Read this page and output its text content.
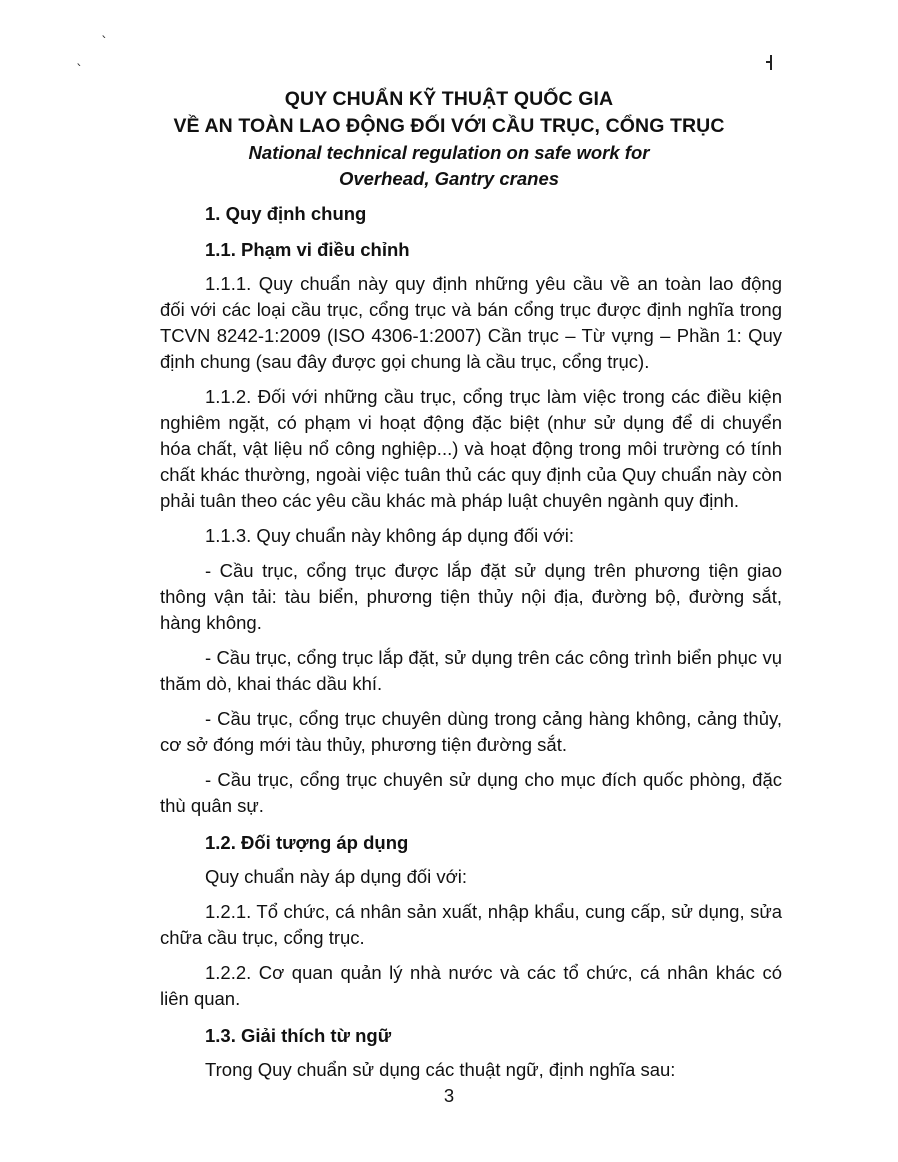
ˋ
ˋ
QUY CHUẨN KỸ THUẬT QUỐC GIA
VỀ AN TOÀN LAO ĐỘNG ĐỐI VỚI CẦU TRỤC, CỔNG TRỤC
National technical regulation on safe work for
Overhead, Gantry cranes
1. Quy định chung
1.1. Phạm vi điều chỉnh

1.1.1. Quy chuẩn này quy định những yêu cầu về an toàn lao động đối với các loại cầu trục, cổng trục và bán cổng trục được định nghĩa trong TCVN 8242-1:2009 (ISO 4306-1:2007) Cần trục – Từ vựng – Phần 1: Quy định chung (sau đây được gọi chung là cầu trục, cổng trục).

1.1.2. Đối với những cầu trục, cổng trục làm việc trong các điều kiện nghiêm ngặt, có phạm vi hoạt động đặc biệt (như sử dụng để di chuyển hóa chất, vật liệu nổ công nghiệp...) và hoạt động trong môi trường có tính chất khác thường, ngoài việc tuân thủ các quy định của Quy chuẩn này còn phải tuân theo các yêu cầu khác mà pháp luật chuyên ngành quy định.

1.1.3. Quy chuẩn này không áp dụng đối với:

- Cầu trục, cổng trục được lắp đặt sử dụng trên phương tiện giao thông vận tải: tàu biển, phương tiện thủy nội địa, đường bộ, đường sắt, hàng không.

- Cầu trục, cổng trục lắp đặt, sử dụng trên các công trình biển phục vụ thăm dò, khai thác dầu khí.

- Cầu trục, cổng trục chuyên dùng trong cảng hàng không, cảng thủy, cơ sở đóng mới tàu thủy, phương tiện đường sắt.

- Cầu trục, cổng trục chuyên sử dụng cho mục đích quốc phòng, đặc thù quân sự.

1.2. Đối tượng áp dụng

Quy chuẩn này áp dụng đối với:

1.2.1. Tổ chức, cá nhân sản xuất, nhập khẩu, cung cấp, sử dụng, sửa chữa cầu trục, cổng trục.

1.2.2. Cơ quan quản lý nhà nước và các tổ chức, cá nhân khác có liên quan.

1.3. Giải thích từ ngữ

Trong Quy chuẩn sử dụng các thuật ngữ, định nghĩa sau:

3
